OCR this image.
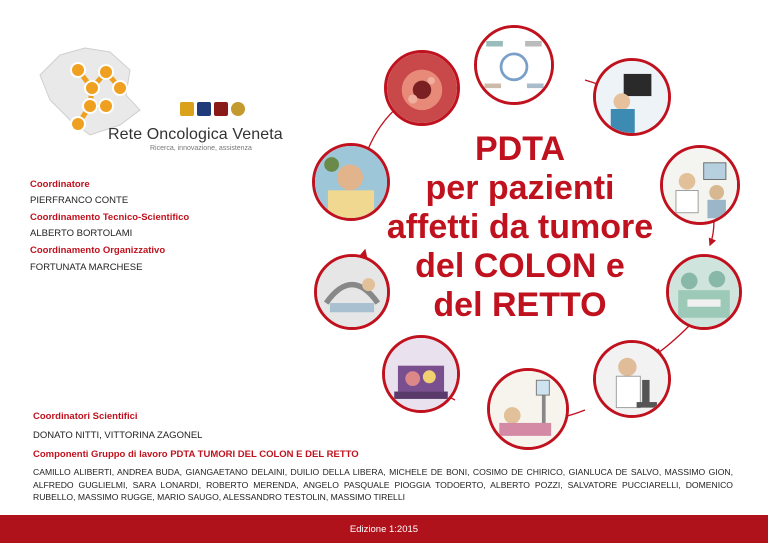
Rete Oncologica Veneta
Ricerca, innovazione, assistenza
Coordinatore
PIERFRANCO CONTE
Coordinamento Tecnico-Scientifico
ALBERTO BORTOLAMI
Coordinamento Organizzativo
FORTUNATA MARCHESE
PDTA
per pazienti
affetti da tumore
del COLON e
del RETTO
Coordinatori Scientifici
DONATO NITTI, VITTORINA ZAGONEL
Componenti Gruppo di lavoro PDTA TUMORI DEL COLON E DEL RETTO
CAMILLO ALIBERTI, ANDREA BUDA, GIANGAETANO DELAINI, DUILIO DELLA LIBERA, MICHELE DE BONI, COSIMO DE CHIRICO, GIANLUCA DE SALVO, MASSIMO GION, ALFREDO GUGLIELMI, SARA LONARDI, ROBERTO MERENDA, ANGELO PASQUALE PIOGGIA TODOERTO, ALBERTO POZZI, SALVATORE PUCCIARELLI, DOMENICO RUBELLO, MASSIMO RUGGE, MARIO SAUGO, ALESSANDRO TESTOLIN, MASSIMO TIRELLI
Edizione 1:2015
